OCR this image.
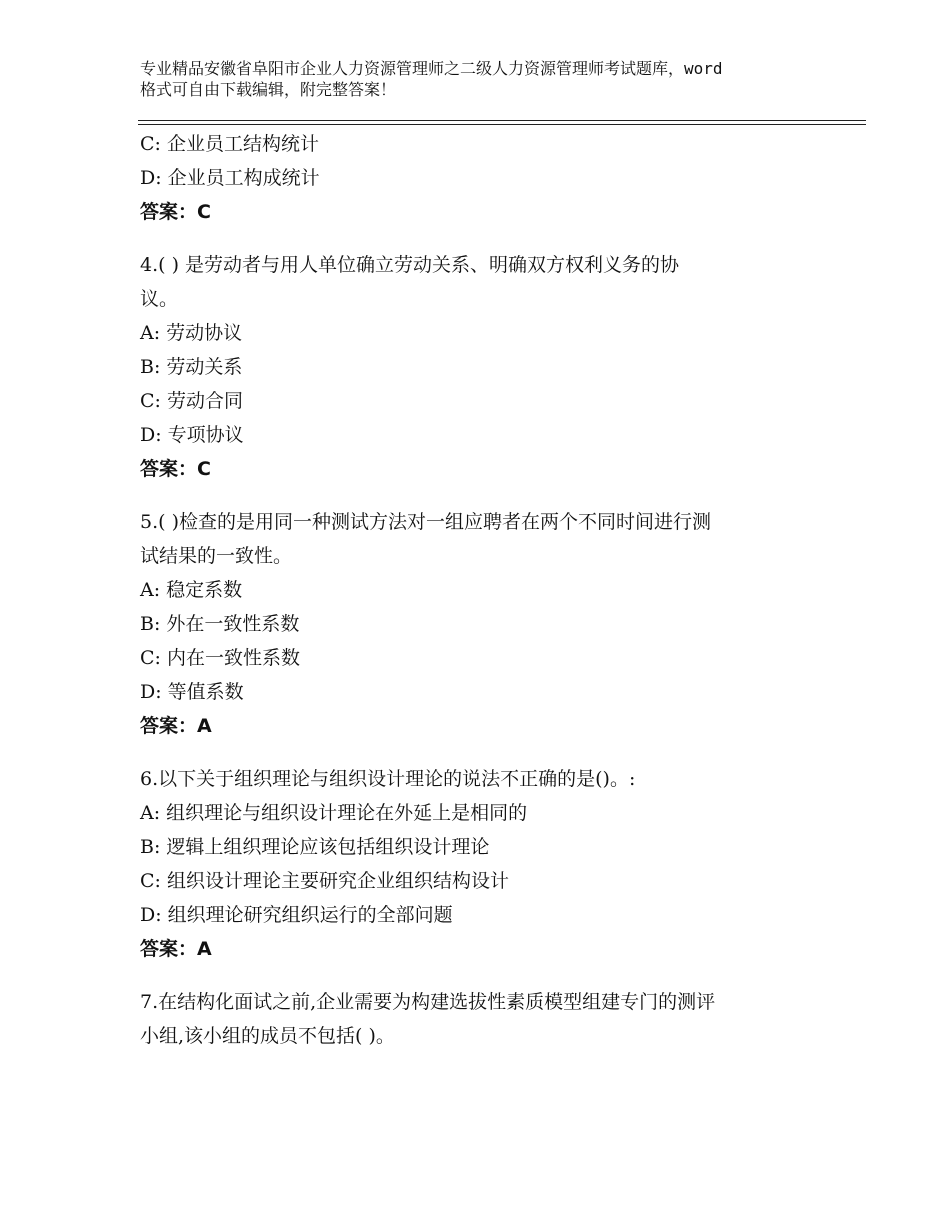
专业精品安徽省阜阳市企业人力资源管理师之二级人力资源管理师考试题库，word
格式可自由下载编辑，附完整答案！
C: 企业员工结构统计
D: 企业员工构成统计
答案：C
4.( ) 是劳动者与用人单位确立劳动关系、明确双方权利义务的协
议。
A: 劳动协议
B: 劳动关系
C: 劳动合同
D: 专项协议
答案：C
5.( )检查的是用同一种测试方法对一组应聘者在两个不同时间进行测
试结果的一致性。
A: 稳定系数
B: 外在一致性系数
C: 内在一致性系数
D: 等值系数
答案：A
6.以下关于组织理论与组织设计理论的说法不正确的是()。:
A: 组织理论与组织设计理论在外延上是相同的
B: 逻辑上组织理论应该包括组织设计理论
C: 组织设计理论主要研究企业组织结构设计
D: 组织理论研究组织运行的全部问题
答案：A
7.在结构化面试之前,企业需要为构建选拔性素质模型组建专门的测评
小组,该小组的成员不包括( )。
